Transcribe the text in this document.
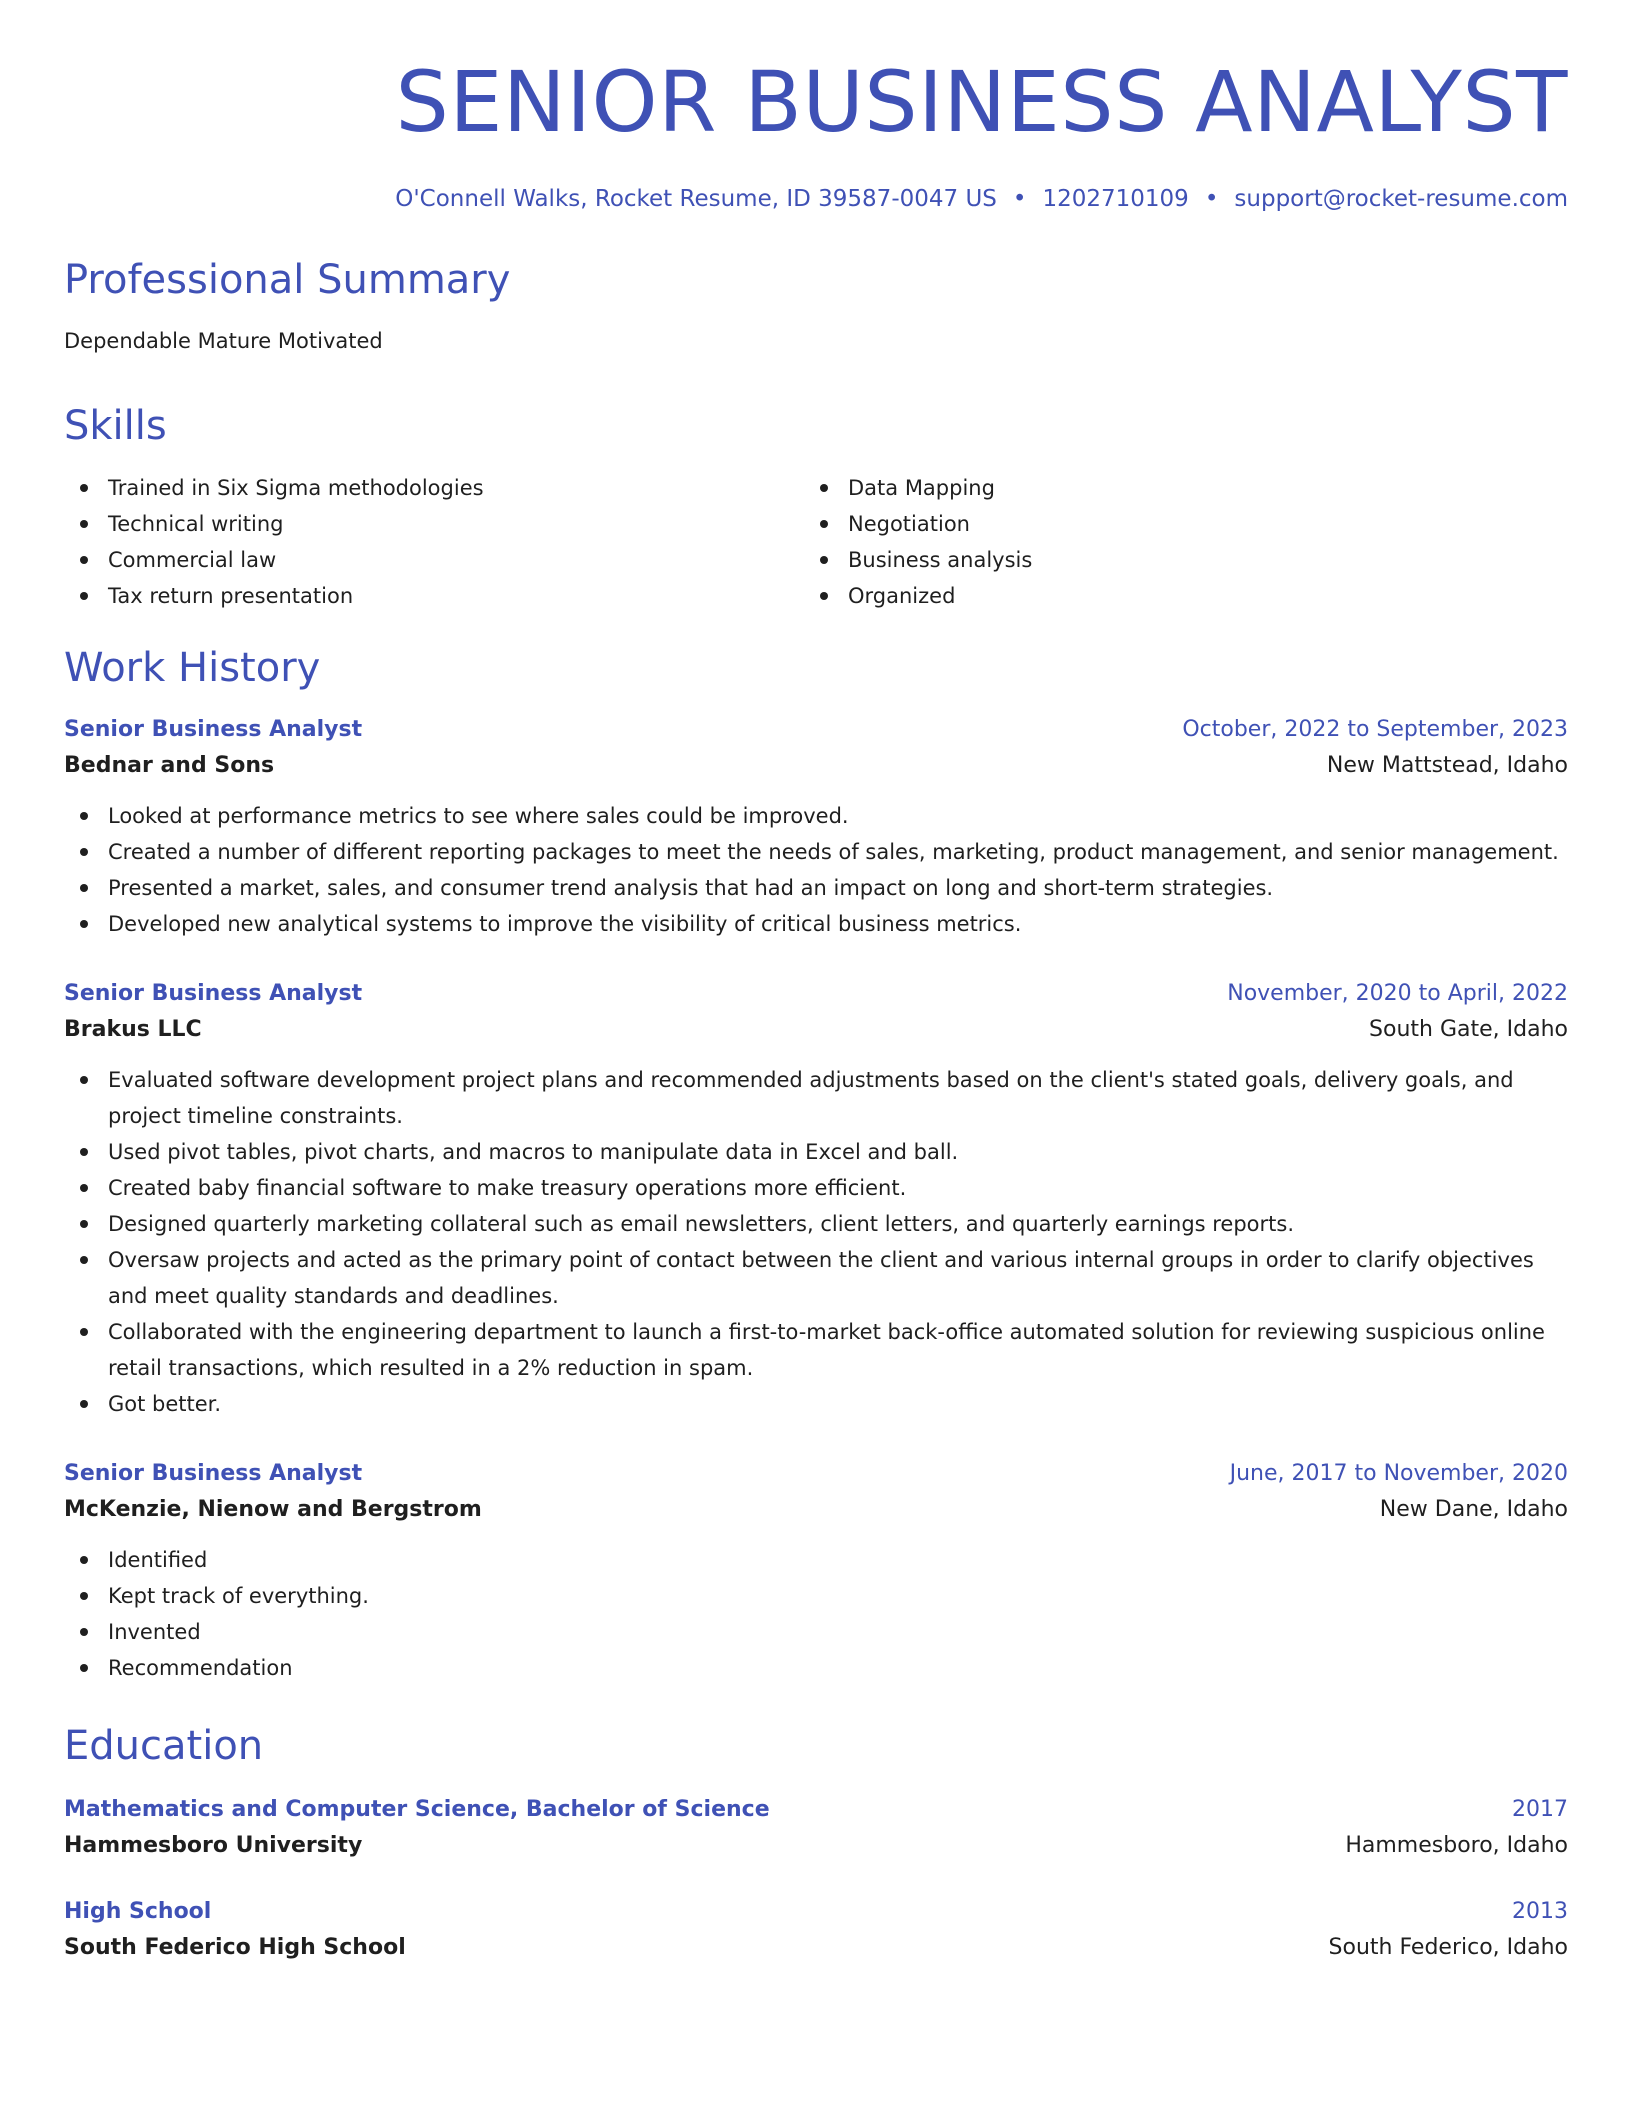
SENIOR BUSINESS ANALYST
O'Connell Walks, Rocket Resume, ID 39587-0047 US • 1202710109 • support@rocket-resume.com
Professional Summary
Dependable Mature Motivated
Skills
Trained in Six Sigma methodologies
Technical writing
Commercial law
Tax return presentation
Data Mapping
Negotiation
Business analysis
Organized
Work History
Senior Business Analyst	October, 2022 to September, 2023
Bednar and Sons	New Mattstead, Idaho
Looked at performance metrics to see where sales could be improved.
Created a number of different reporting packages to meet the needs of sales, marketing, product management, and senior management.
Presented a market, sales, and consumer trend analysis that had an impact on long and short-term strategies.
Developed new analytical systems to improve the visibility of critical business metrics.
Senior Business Analyst	November, 2020 to April, 2022
Brakus LLC	South Gate, Idaho
Evaluated software development project plans and recommended adjustments based on the client's stated goals, delivery goals, and project timeline constraints.
Used pivot tables, pivot charts, and macros to manipulate data in Excel and ball.
Created baby financial software to make treasury operations more efficient.
Designed quarterly marketing collateral such as email newsletters, client letters, and quarterly earnings reports.
Oversaw projects and acted as the primary point of contact between the client and various internal groups in order to clarify objectives and meet quality standards and deadlines.
Collaborated with the engineering department to launch a first-to-market back-office automated solution for reviewing suspicious online retail transactions, which resulted in a 2% reduction in spam.
Got better.
Senior Business Analyst	June, 2017 to November, 2020
McKenzie, Nienow and Bergstrom	New Dane, Idaho
Identified
Kept track of everything.
Invented
Recommendation
Education
Mathematics and Computer Science, Bachelor of Science	2017
Hammesboro University	Hammesboro, Idaho
High School	2013
South Federico High School	South Federico, Idaho
